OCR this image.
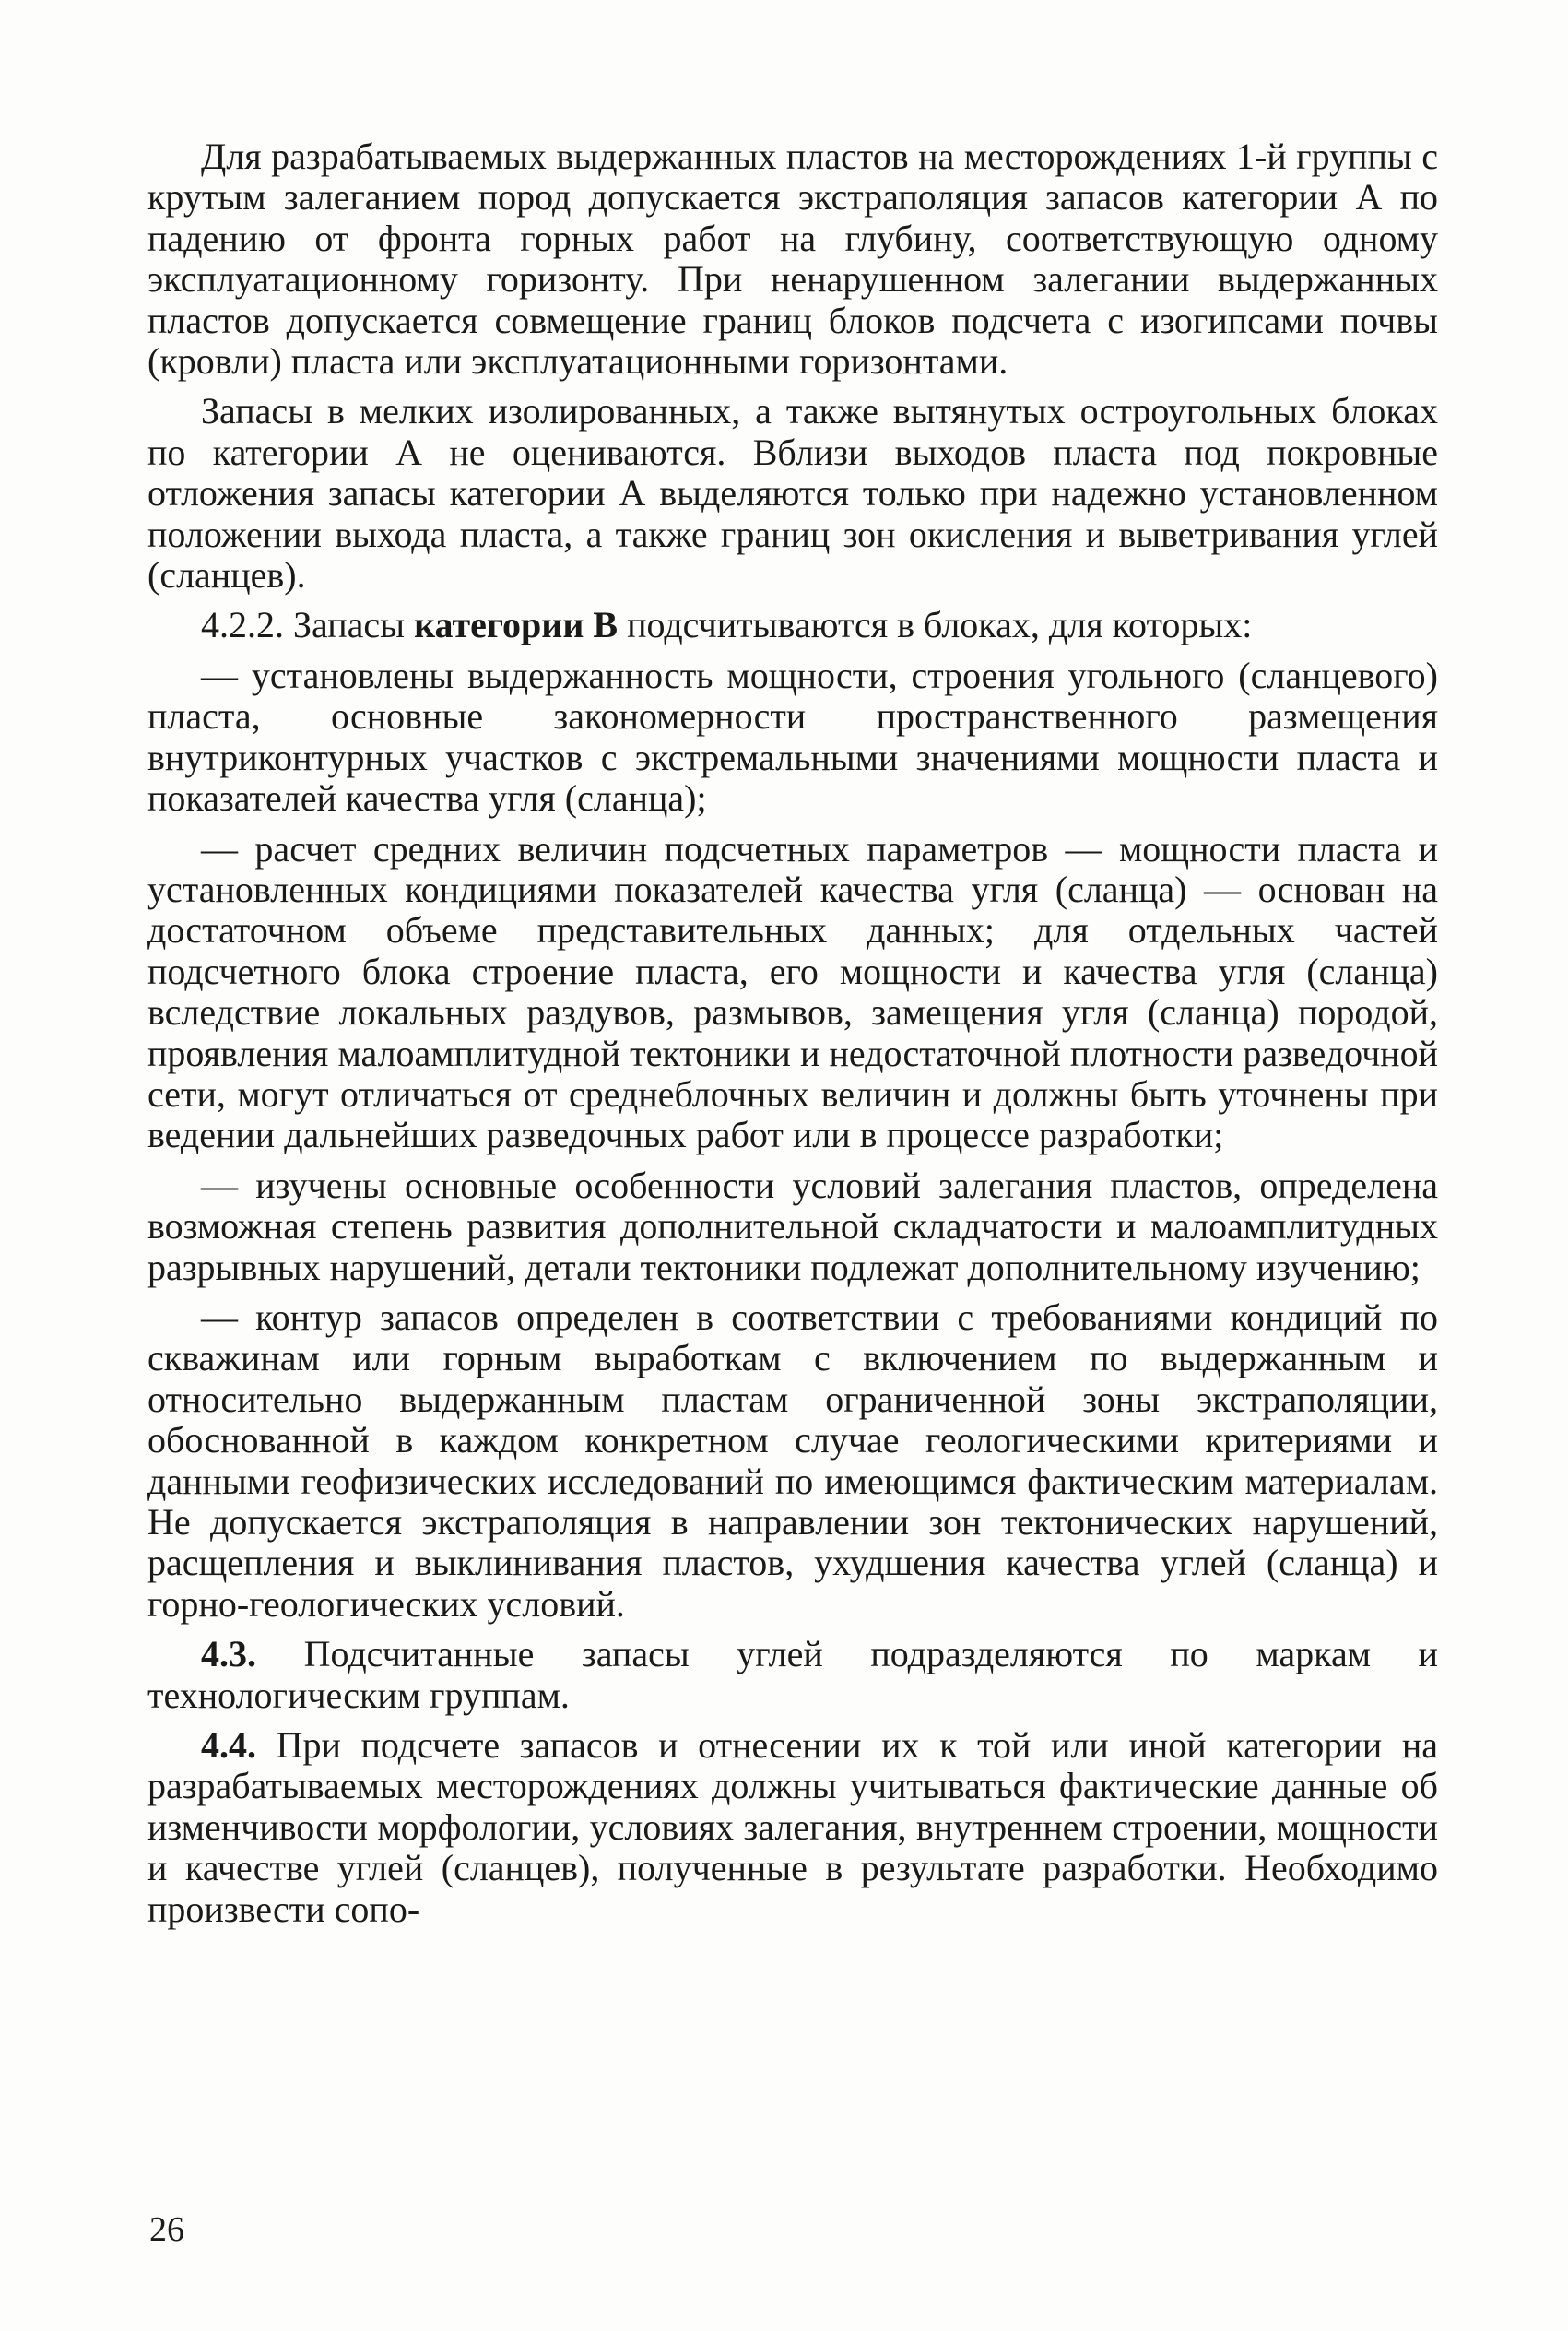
Для разрабатываемых выдержанных пластов на месторождениях 1-й группы с крутым залеганием пород допускается экстраполяция запасов категории А по падению от фронта горных работ на глубину, соответствующую одному эксплуатационному горизонту. При ненарушенном залегании выдержанных пластов допускается совмещение границ блоков подсчета с изогипсами почвы (кровли) пласта или эксплуатационными горизонтами.

Запасы в мелких изолированных, а также вытянутых остроугольных блоках по категории А не оцениваются. Вблизи выходов пласта под покровные отложения запасы категории А выделяются только при надежно установленном положении выхода пласта, а также границ зон окисления и выветривания углей (сланцев).

4.2.2. Запасы категории В подсчитываются в блоках, для которых:

— установлены выдержанность мощности, строения угольного (сланцевого) пласта, основные закономерности пространственного размещения внутриконтурных участков с экстремальными значениями мощности пласта и показателей качества угля (сланца);

— расчет средних величин подсчетных параметров — мощности пласта и установленных кондициями показателей качества угля (сланца) — основан на достаточном объеме представительных данных; для отдельных частей подсчетного блока строение пласта, его мощности и качества угля (сланца) вследствие локальных раздувов, размывов, замещения угля (сланца) породой, проявления малоамплитудной тектоники и недостаточной плотности разведочной сети, могут отличаться от среднеблочных величин и должны быть уточнены при ведении дальнейших разведочных работ или в процессе разработки;

— изучены основные особенности условий залегания пластов, определена возможная степень развития дополнительной складчатости и малоамплитудных разрывных нарушений, детали тектоники подлежат дополнительному изучению;

— контур запасов определен в соответствии с требованиями кондиций по скважинам или горным выработкам с включением по выдержанным и относительно выдержанным пластам ограниченной зоны экстраполяции, обоснованной в каждом конкретном случае геологическими критериями и данными геофизических исследований по имеющимся фактическим материалам. Не допускается экстраполяция в направлении зон тектонических нарушений, расщепления и выклинивания пластов, ухудшения качества углей (сланца) и горно-геологических условий.

4.3. Подсчитанные запасы углей подразделяются по маркам и технологическим группам.

4.4. При подсчете запасов и отнесении их к той или иной категории на разрабатываемых месторождениях должны учитываться фактические данные об изменчивости морфологии, условиях залегания, внутреннем строении, мощности и качестве углей (сланцев), полученные в результате разработки. Необходимо произвести сопо-

26
